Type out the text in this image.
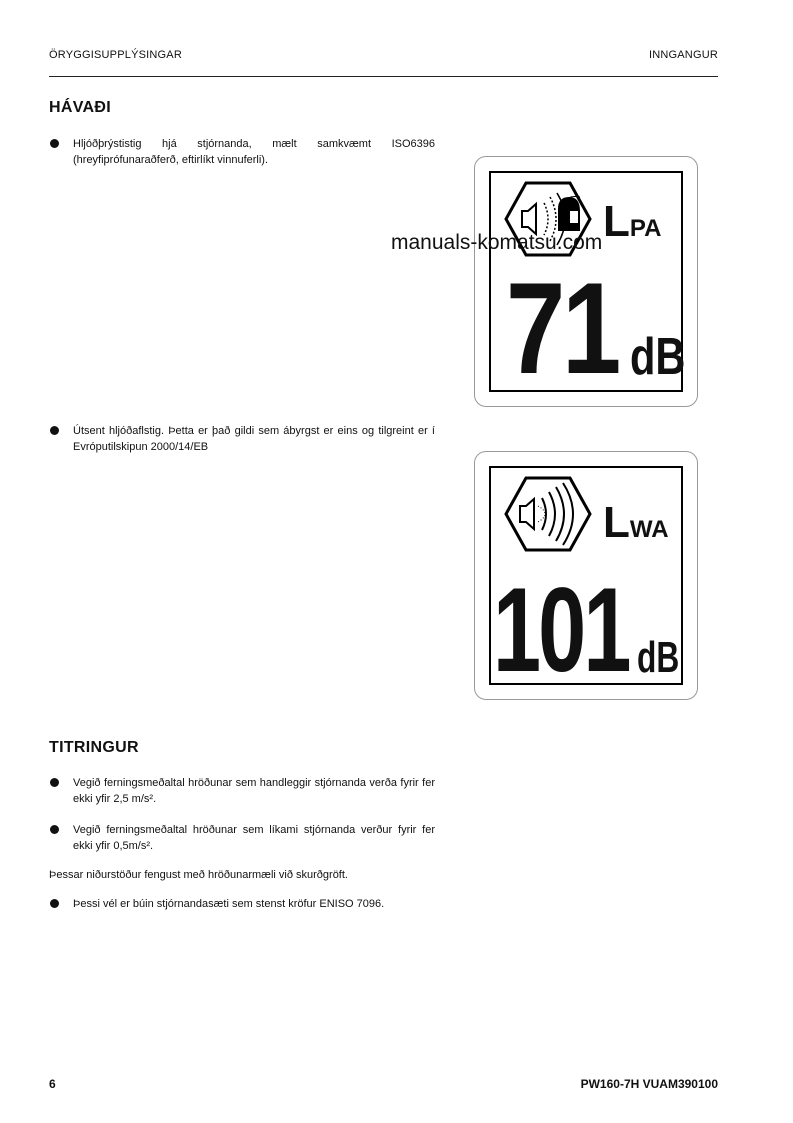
ÖRYGGISUPPLÝSINGAR	INNGANGUR
HÁVAÐI
Hljóðþrýstistig hjá stjórnanda, mælt samkvæmt ISO6396 (hreyfiprófunaraðferð, eftirlíkt vinnuferli).
Útsent hljóðaflstig. Þetta er það gildi sem ábyrgst er eins og tilgreint er í Evróputilskipun 2000/14/EB
LPA
71 dB
manuals-komatsu.com
LWA
101 dB
TITRINGUR
Vegið ferningsmeðaltal hröðunar sem handleggir stjórnanda verða fyrir fer ekki yfir 2,5 m/s².
Vegið ferningsmeðaltal hröðunar sem líkami stjórnanda verður fyrir fer ekki yfir 0,5m/s².
Þessar niðurstöður fengust með hröðunarmæli við skurðgröft.
Þessi vél er búin stjórnandasæti sem stenst kröfur ENISO 7096.
6	PW160-7H VUAM390100
